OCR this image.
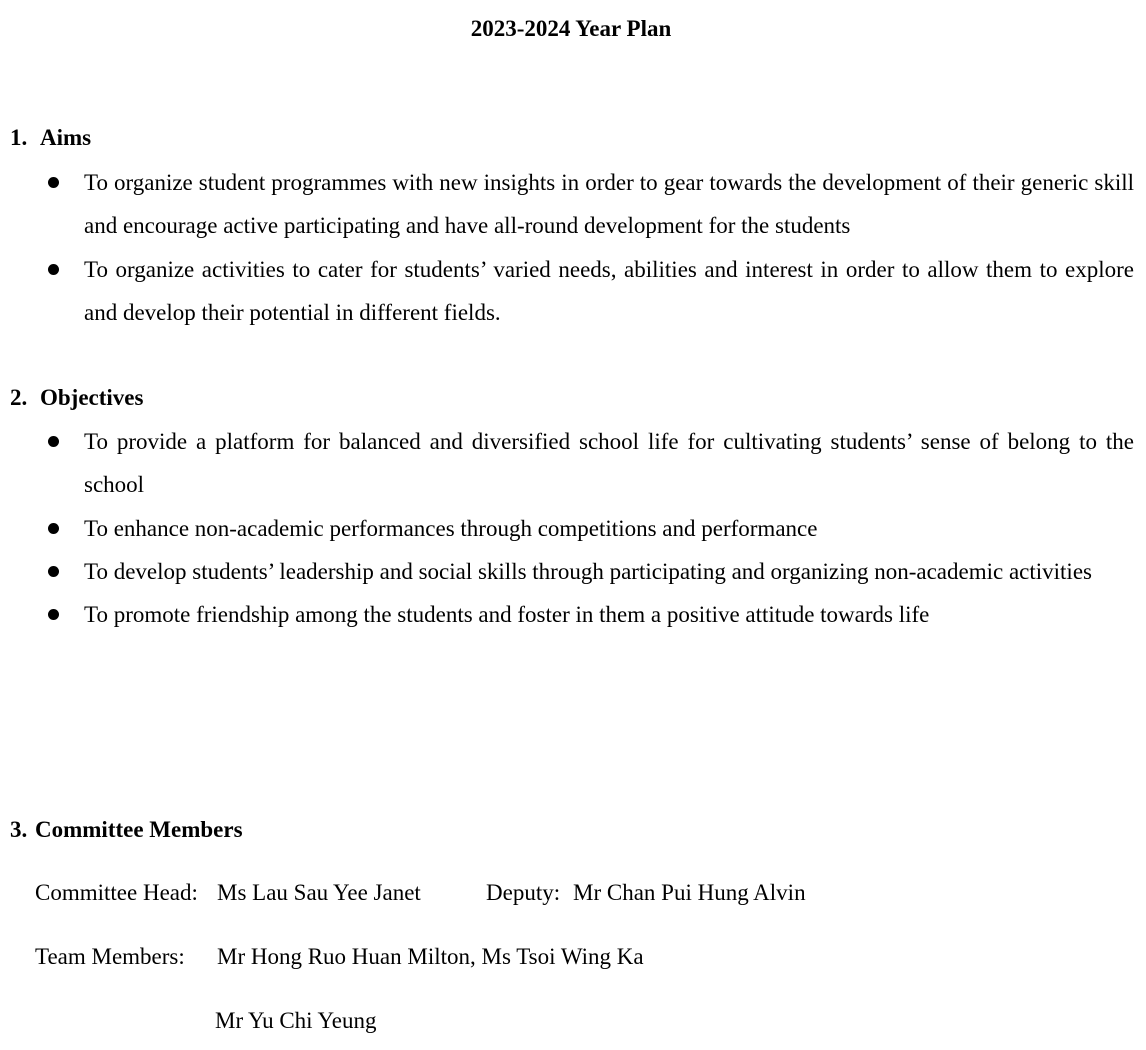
2023-2024 Year Plan
1. Aims
To organize student programmes with new insights in order to gear towards the development of their generic skill and encourage active participating and have all-round development for the students
To organize activities to cater for students’ varied needs, abilities and interest in order to allow them to explore and develop their potential in different fields.
2. Objectives
To provide a platform for balanced and diversified school life for cultivating students’ sense of belong to the school
To enhance non-academic performances through competitions and performance
To develop students’ leadership and social skills through participating and organizing non-academic activities
To promote friendship among the students and foster in them a positive attitude towards life
3. Committee Members
Committee Head: Ms Lau Sau Yee Janet	Deputy: Mr Chan Pui Hung Alvin
Team Members: Mr Hong Ruo Huan Milton, Ms Tsoi Wing Ka
Mr Yu Chi Yeung
